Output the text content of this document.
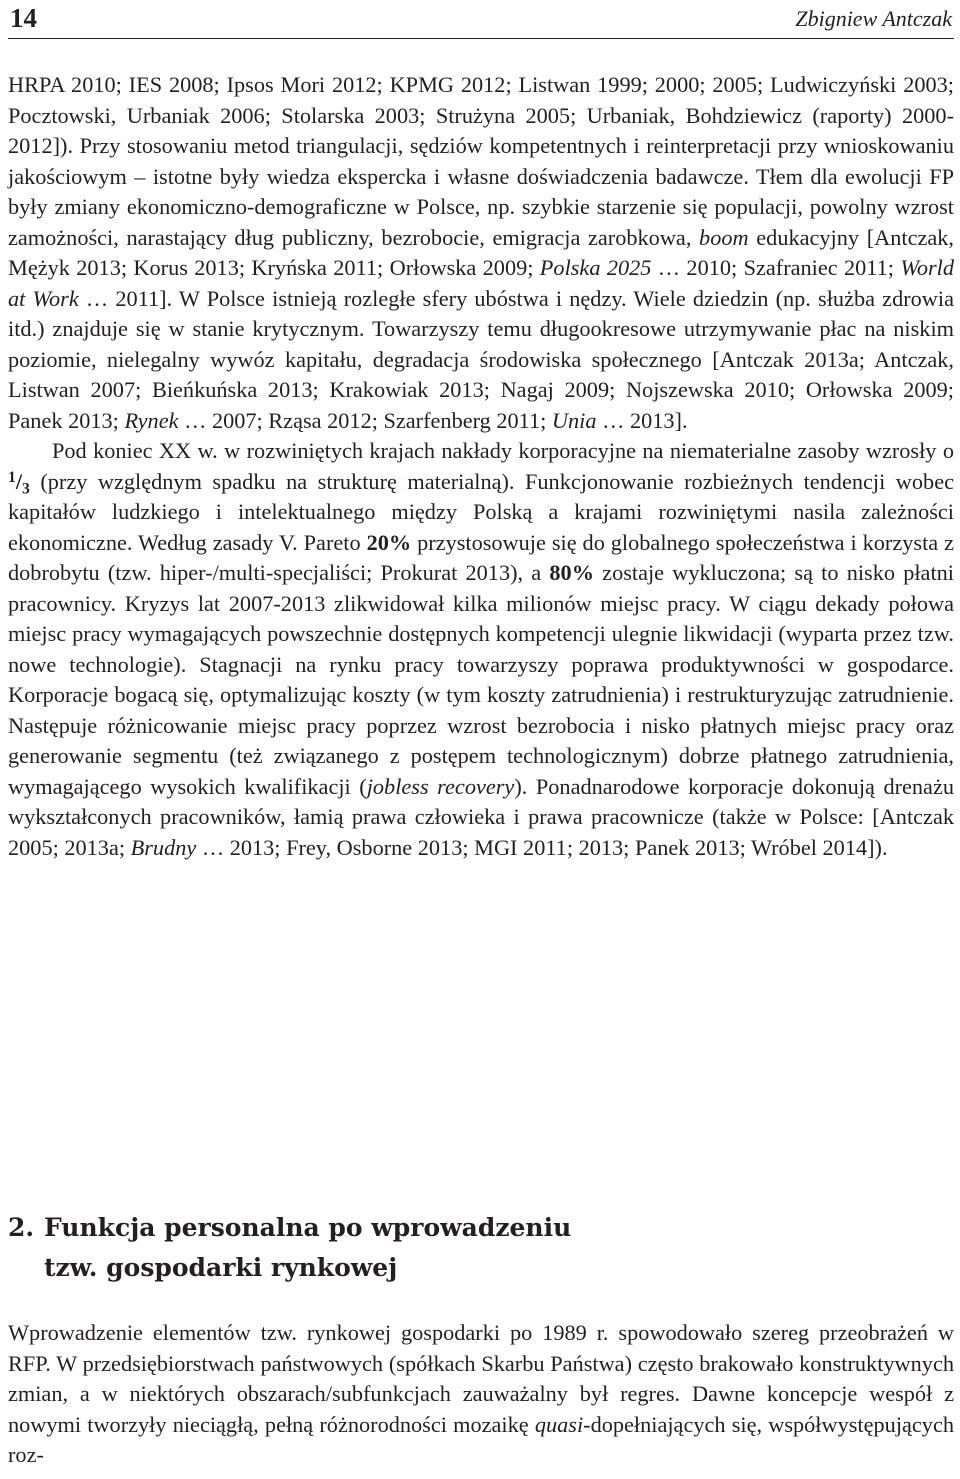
14	Zbigniew Antczak

HRPA 2010; IES 2008; Ipsos Mori 2012; KPMG 2012; Listwan 1999; 2000; 2005; Ludwiczyński 2003; Pocztowski, Urbaniak 2006; Stolarska 2003; Strużyna 2005; Urbaniak, Bohdziewicz (raporty) 2000-2012]). Przy stosowaniu metod triangulacji, sędziów kompetentnych i reinterpretacji przy wnioskowaniu jakościowym – istotne były wiedza ekspercka i własne doświadczenia badawcze. Tłem dla ewolucji FP były zmiany ekonomiczno-demograficzne w Polsce, np. szybkie starzenie się populacji, powolny wzrost zamożności, narastający dług publiczny, bezrobocie, emigracja zarobkowa, boom edukacyjny [Antczak, Mężyk 2013; Korus 2013; Kryńska 2011; Orłowska 2009; Polska 2025 … 2010; Szafraniec 2011; World at Work … 2011]. W Polsce istnieją rozległe sfery ubóstwa i nędzy. Wiele dziedzin (np. służba zdrowia itd.) znajduje się w stanie krytycznym. Towarzyszy temu długookresowe utrzymywanie płac na niskim poziomie, nielegalny wywóz kapitału, degradacja środowiska społecznego [Antczak 2013a; Antczak, Listwan 2007; Bieńkuńska 2013; Krakowiak 2013; Nagaj 2009; Nojszewska 2010; Orłowska 2009; Panek 2013; Rynek … 2007; Rząsa 2012; Szarfenberg 2011; Unia … 2013].

Pod koniec XX w. w rozwiniętych krajach nakłady korporacyjne na niematerialne zasoby wzrosły o $^1/_3$ (przy względnym spadku na strukturę materialną). Funkcjonowanie rozbieżnych tendencji wobec kapitałów ludzkiego i intelektualnego między Polską a krajami rozwiniętymi nasila zależności ekonomiczne. Według zasady V. Pareto 20% przystosowuje się do globalnego społeczeństwa i korzysta z dobrobytu (tzw. hiper-/multi-specjaliści; Prokurat 2013), a 80% zostaje wykluczona; są to nisko płatni pracownicy. Kryzys lat 2007-2013 zlikwidował kilka milionów miejsc pracy. W ciągu dekady połowa miejsc pracy wymagających powszechnie dostępnych kompetencji ulegnie likwidacji (wyparta przez tzw. nowe technologie). Stagnacji na rynku pracy towarzyszy poprawa produktywności w gospodarce. Korporacje bogacą się, optymalizując koszty (w tym koszty zatrudnienia) i restrukturyzując zatrudnienie. Następuje różnicowanie miejsc pracy poprzez wzrost bezrobocia i nisko płatnych miejsc pracy oraz generowanie segmentu (też związanego z postępem technologicznym) dobrze płatnego zatrudnienia, wymagającego wysokich kwalifikacji (jobless recovery). Ponadnarodowe korporacje dokonują drenażu wykształconych pracowników, łamią prawa człowieka i prawa pracownicze (także w Polsce: [Antczak 2005; 2013a; Brudny … 2013; Frey, Osborne 2013; MGI 2011; 2013; Panek 2013; Wróbel 2014]).

2. Funkcja personalna po wprowadzeniu
tzw. gospodarki rynkowej

Wprowadzenie elementów tzw. rynkowej gospodarki po 1989 r. spowodowało szereg przeobrażeń w RFP. W przedsiębiorstwach państwowych (spółkach Skarbu Państwa) często brakowało konstruktywnych zmian, a w niektórych obszarach/subfunkcjach zauważalny był regres. Dawne koncepcje wespół z nowymi tworzyły nieciągłą, pełną różnorodności mozaikę quasi-dopełniających się, współwystępujących roz-
